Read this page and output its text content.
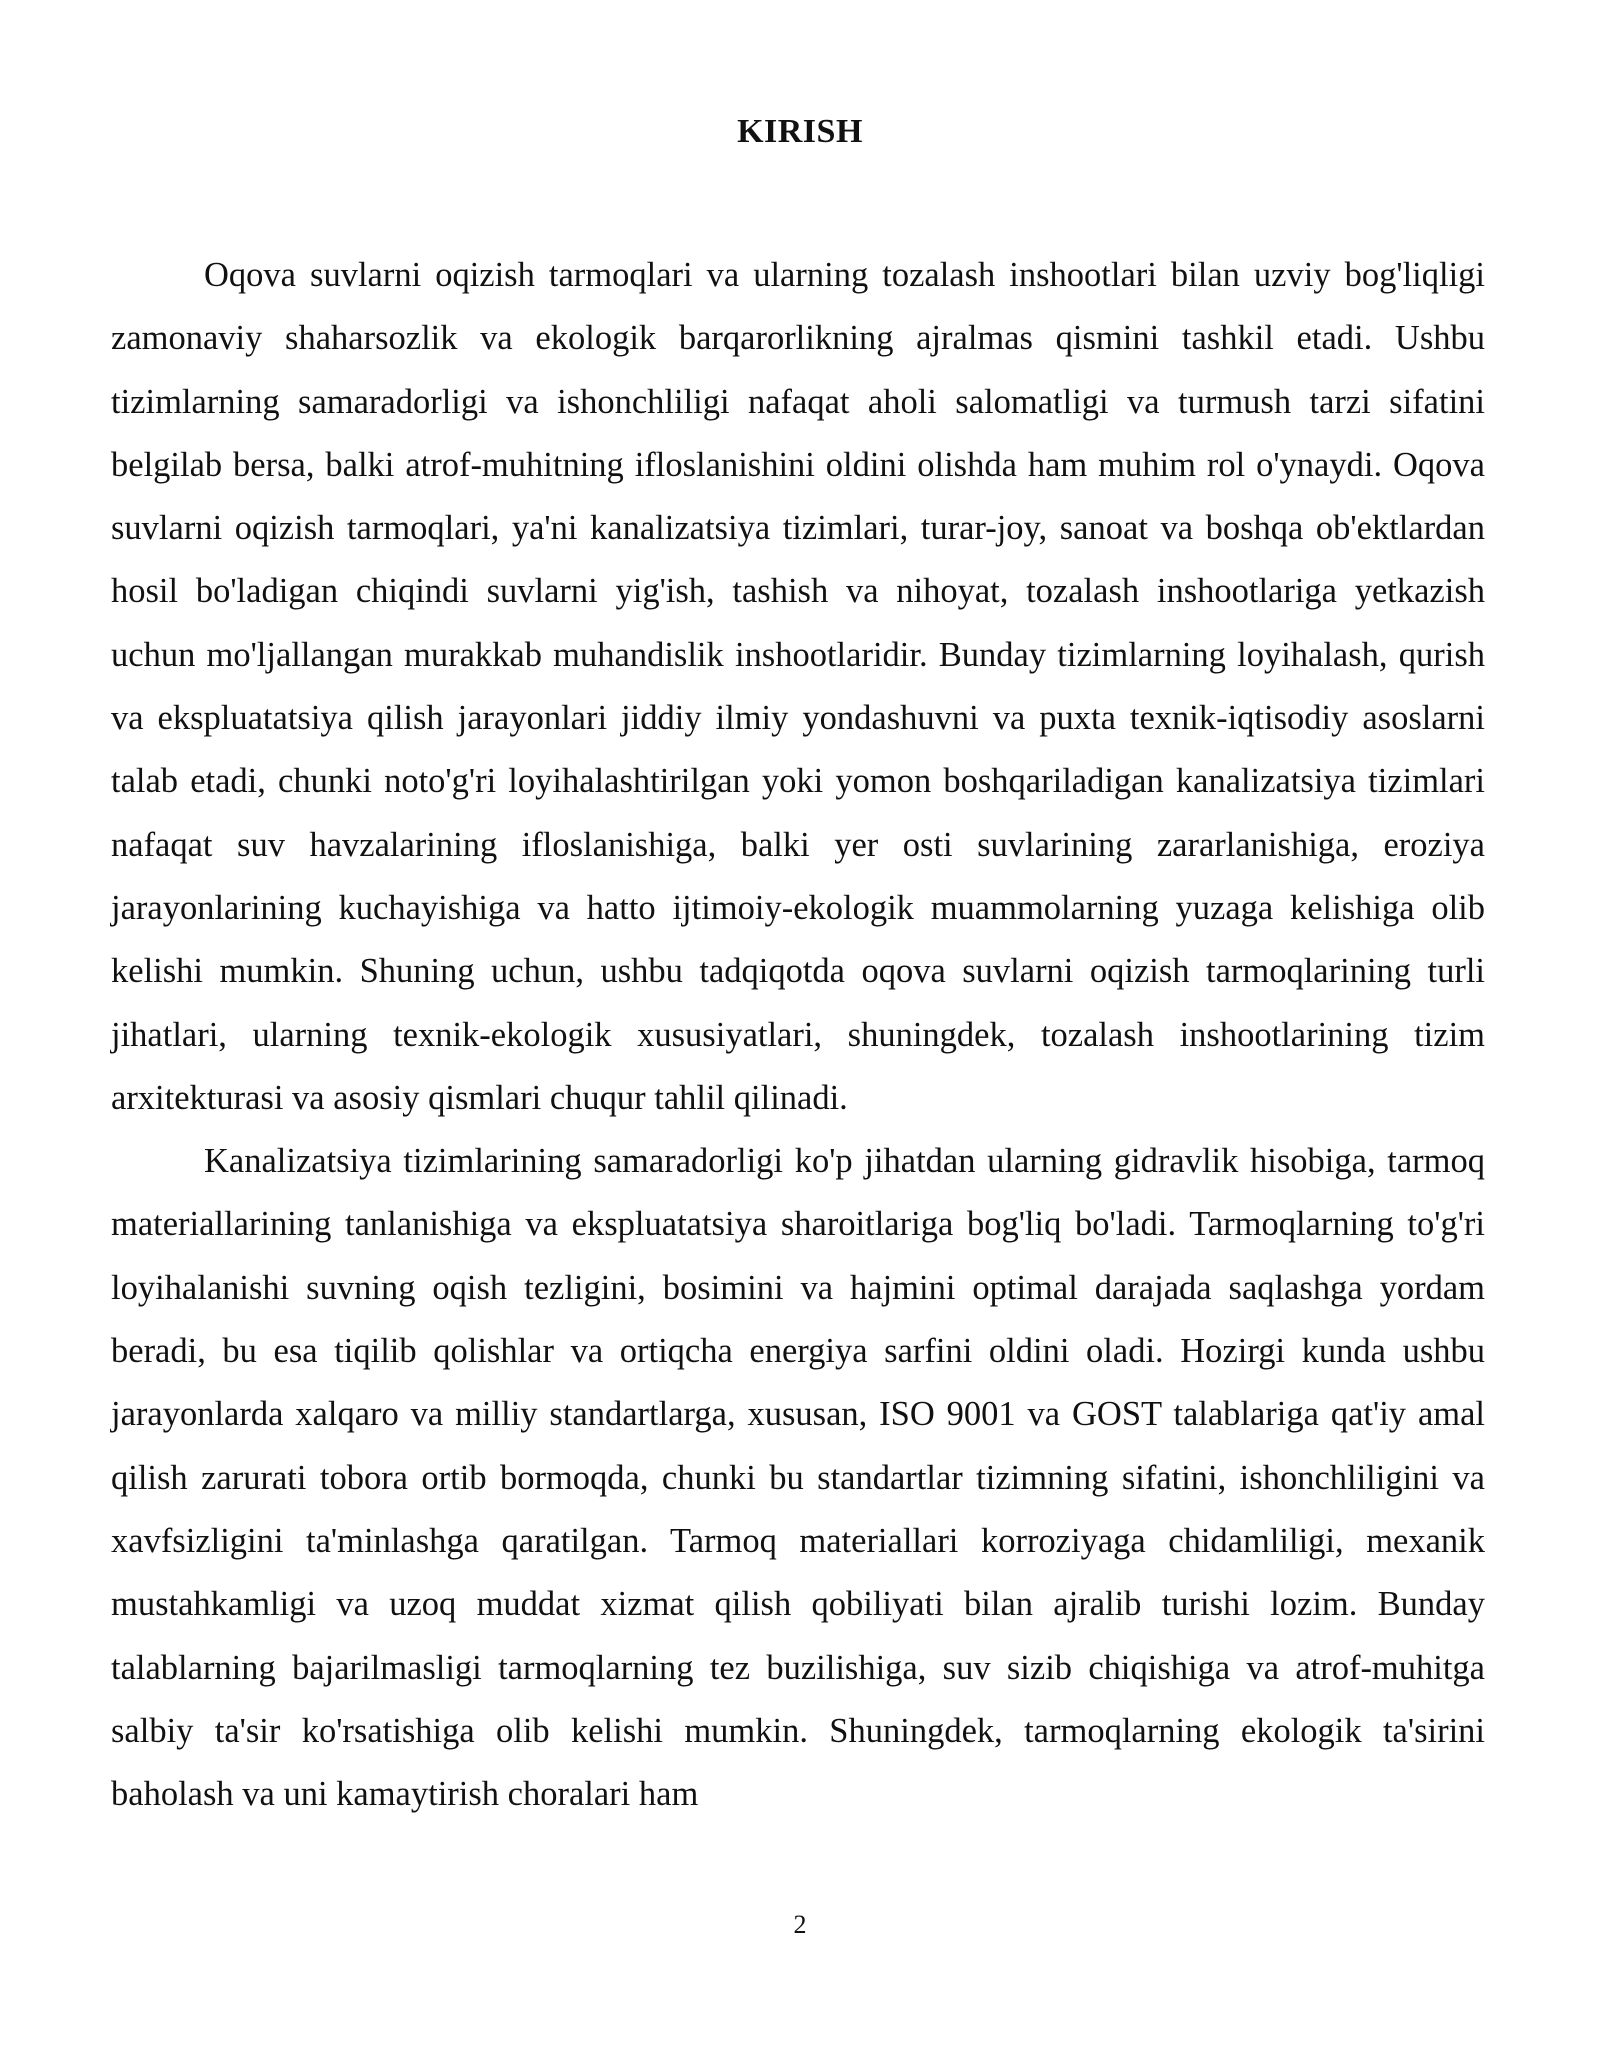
KIRISH

Oqova suvlarni oqizish tarmoqlari va ularning tozalash inshootlari bilan uzviy bog'liqligi zamonaviy shaharsozlik va ekologik barqarorlikning ajralmas qismini tashkil etadi. Ushbu tizimlarning samaradorligi va ishonchliligi nafaqat aholi salomatligi va turmush tarzi sifatini belgilab bersa, balki atrof-muhitning ifloslanishini oldini olishda ham muhim rol o'ynaydi. Oqova suvlarni oqizish tarmoqlari, ya'ni kanalizatsiya tizimlari, turar-joy, sanoat va boshqa ob'ektlardan hosil bo'ladigan chiqindi suvlarni yig'ish, tashish va nihoyat, tozalash inshootlariga yetkazish uchun mo'ljallangan murakkab muhandislik inshootlaridir. Bunday tizimlarning loyihalash, qurish va ekspluatatsiya qilish jarayonlari jiddiy ilmiy yondashuvni va puxta texnik-iqtisodiy asoslarni talab etadi, chunki noto'g'ri loyihalashtirilgan yoki yomon boshqariladigan kanalizatsiya tizimlari nafaqat suv havzalarining ifloslanishiga, balki yer osti suvlarining zararlanishiga, eroziya jarayonlarining kuchayishiga va hatto ijtimoiy-ekologik muammolarning yuzaga kelishiga olib kelishi mumkin. Shuning uchun, ushbu tadqiqotda oqova suvlarni oqizish tarmoqlarining turli jihatlari, ularning texnik-ekologik xususiyatlari, shuningdek, tozalash inshootlarining tizim arxitekturasi va asosiy qismlari chuqur tahlil qilinadi.

Kanalizatsiya tizimlarining samaradorligi ko'p jihatdan ularning gidravlik hisobiga, tarmoq materiallarining tanlanishiga va ekspluatatsiya sharoitlariga bog'liq bo'ladi. Tarmoqlarning to'g'ri loyihalanishi suvning oqish tezligini, bosimini va hajmini optimal darajada saqlashga yordam beradi, bu esa tiqilib qolishlar va ortiqcha energiya sarfini oldini oladi. Hozirgi kunda ushbu jarayonlarda xalqaro va milliy standartlarga, xususan, ISO 9001 va GOST talablariga qat'iy amal qilish zarurati tobora ortib bormoqda, chunki bu standartlar tizimning sifatini, ishonchliligini va xavfsizligini ta'minlashga qaratilgan. Tarmoq materiallari korroziyaga chidamliligi, mexanik mustahkamligi va uzoq muddat xizmat qilish qobiliyati bilan ajralib turishi lozim. Bunday talablarning bajarilmasligi tarmoqlarning tez buzilishiga, suv sizib chiqishiga va atrof-muhitga salbiy ta'sir ko'rsatishiga olib kelishi mumkin. Shuningdek, tarmoqlarning ekologik ta'sirini baholash va uni kamaytirish choralari ham

2
